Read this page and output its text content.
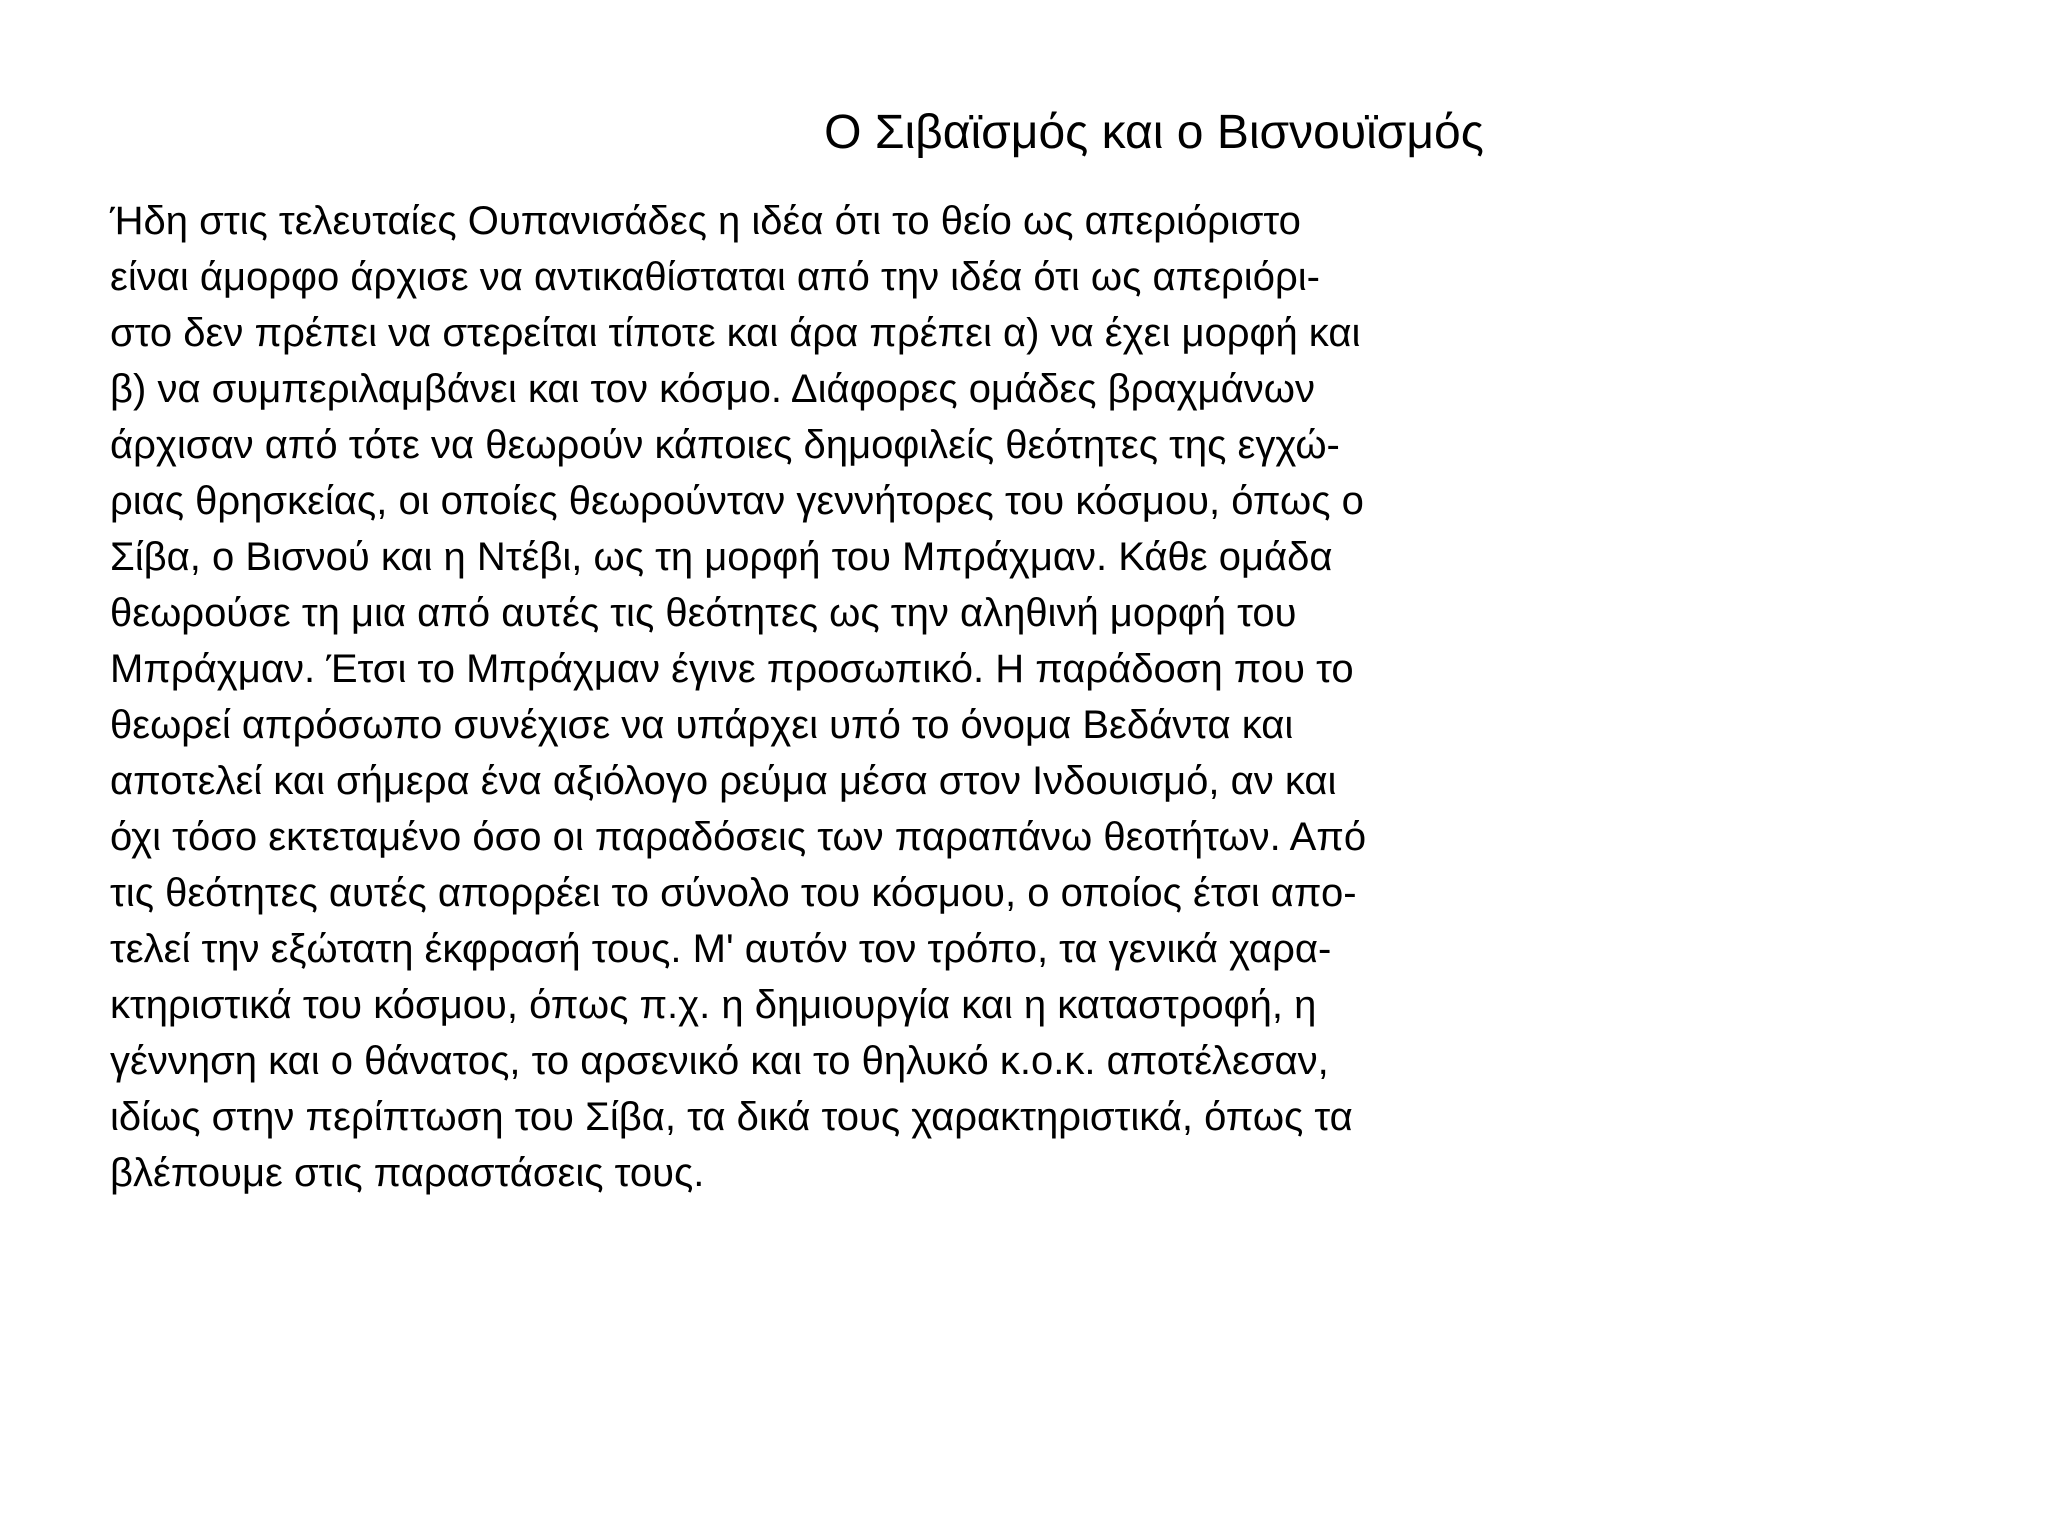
Ο Σιβαϊσμός και ο Βισνουϊσμός
Ήδη στις τελευταίες Ουπανισάδες η ιδέα ότι το θείο ως απεριόριστο
είναι άμορφο άρχισε να αντικαθίσταται από την ιδέα ότι ως απεριόρι-
στο δεν πρέπει να στερείται τίποτε και άρα πρέπει α) να έχει μορφή και
β) να συμπεριλαμβάνει και τον κόσμο. Διάφορες ομάδες βραχμάνων
άρχισαν από τότε να θεωρούν κάποιες δημοφιλείς θεότητες της εγχώ-
ριας θρησκείας, οι οποίες θεωρούνταν γεννήτορες του κόσμου, όπως ο
Σίβα, ο Βισνού και η Ντέβι, ως τη μορφή του Μπράχμαν. Κάθε ομάδα
θεωρούσε τη μια από αυτές τις θεότητες ως την αληθινή μορφή του
Μπράχμαν. Έτσι το Μπράχμαν έγινε προσωπικό. Η παράδοση που το
θεωρεί απρόσωπο συνέχισε να υπάρχει υπό το όνομα Βεδάντα και
αποτελεί και σήμερα ένα αξιόλογο ρεύμα μέσα στον Ινδουισμό, αν και
όχι τόσο εκτεταμένο όσο οι παραδόσεις των παραπάνω θεοτήτων. Από
τις θεότητες αυτές απορρέει το σύνολο του κόσμου, ο οποίος έτσι απο-
τελεί την εξώτατη έκφρασή τους. Μ' αυτόν τον τρόπο, τα γενικά χαρα-
κτηριστικά του κόσμου, όπως π.χ. η δημιουργία και η καταστροφή, η
γέννηση και ο θάνατος, το αρσενικό και το θηλυκό κ.ο.κ. αποτέλεσαν,
ιδίως στην περίπτωση του Σίβα, τα δικά τους χαρακτηριστικά, όπως τα
βλέπουμε στις παραστάσεις τους.
